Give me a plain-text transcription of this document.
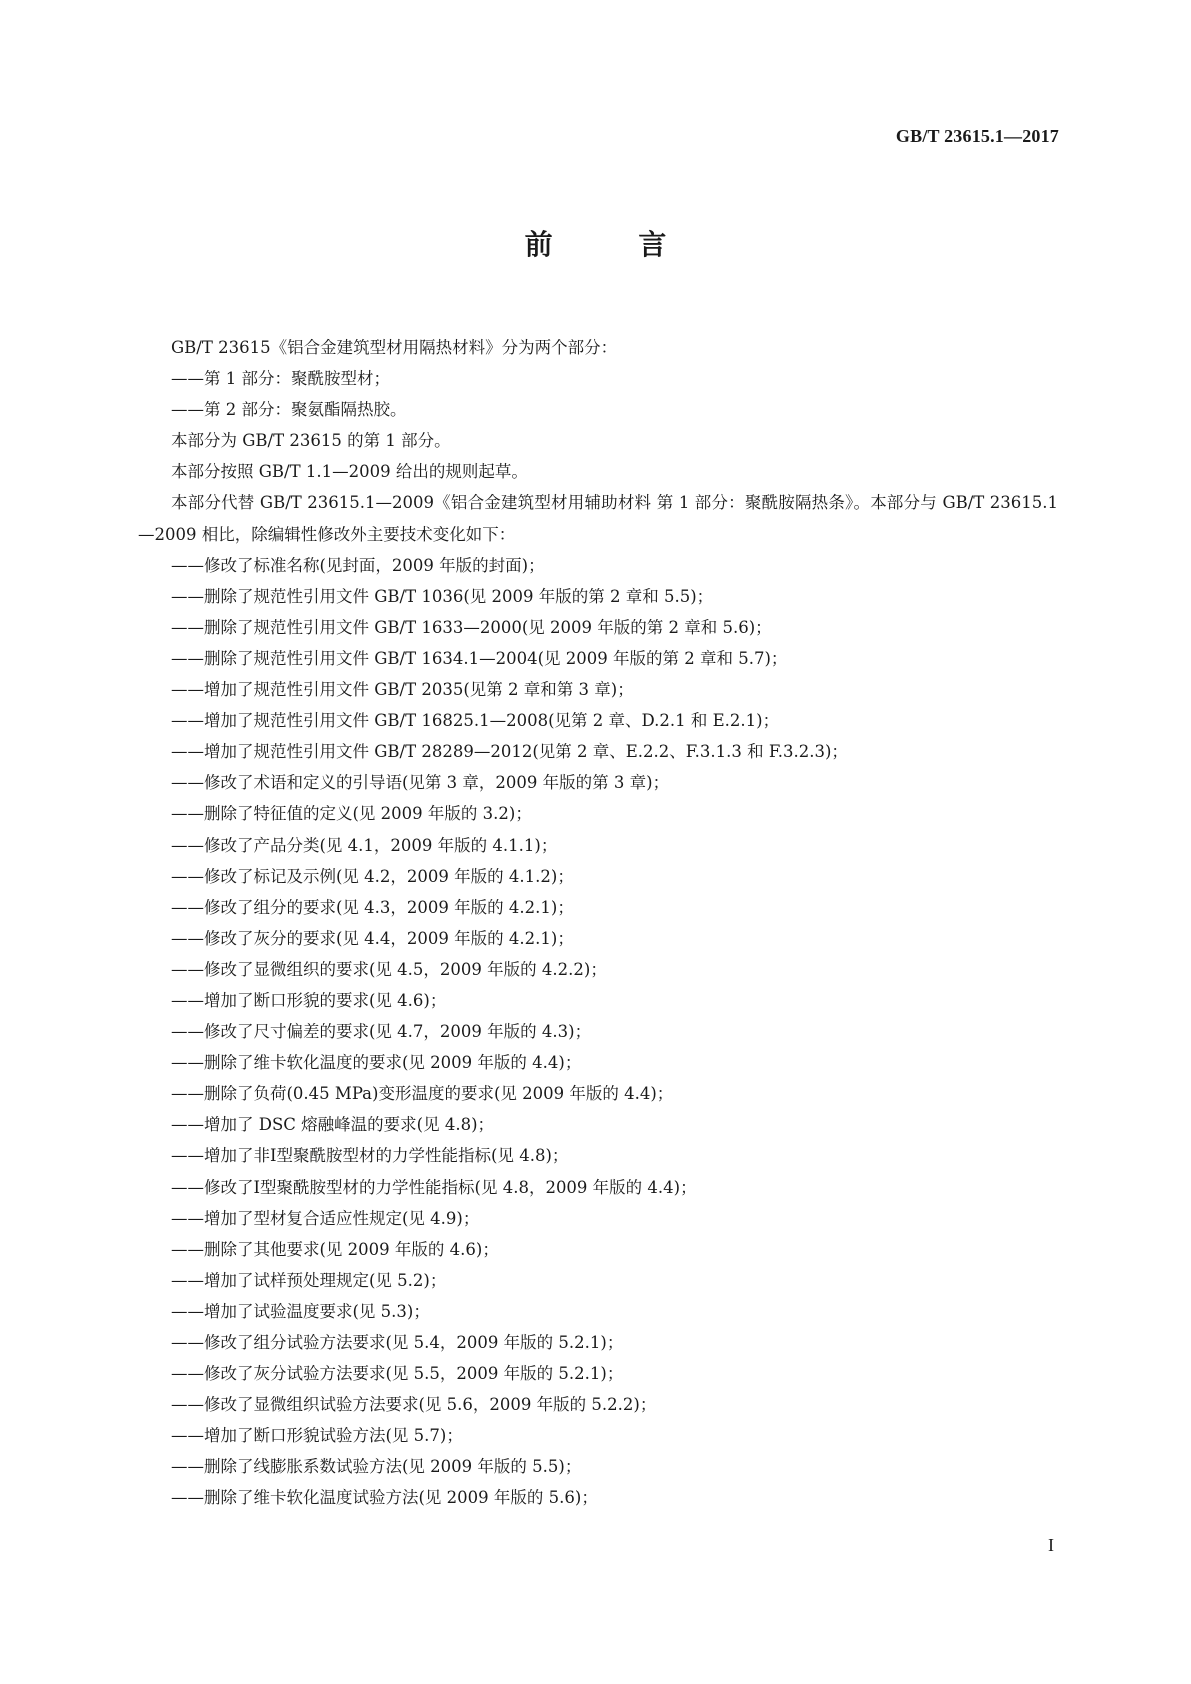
GB/T 23615.1—2017
前 言

GB/T 23615《铝合金建筑型材用隔热材料》分为两个部分：

——第 1 部分：聚酰胺型材；

——第 2 部分：聚氨酯隔热胶。

本部分为 GB/T 23615 的第 1 部分。

本部分按照 GB/T 1.1—2009 给出的规则起草。

本部分代替 GB/T 23615.1—2009《铝合金建筑型材用辅助材料 第 1 部分：聚酰胺隔热条》。本部分与 GB/T 23615.1—2009 相比，除编辑性修改外主要技术变化如下：

——修改了标准名称(见封面，2009 年版的封面)；

——删除了规范性引用文件 GB/T 1036(见 2009 年版的第 2 章和 5.5)；

——删除了规范性引用文件 GB/T 1633—2000(见 2009 年版的第 2 章和 5.6)；

——删除了规范性引用文件 GB/T 1634.1—2004(见 2009 年版的第 2 章和 5.7)；

——增加了规范性引用文件 GB/T 2035(见第 2 章和第 3 章)；

——增加了规范性引用文件 GB/T 16825.1—2008(见第 2 章、D.2.1 和 E.2.1)；

——增加了规范性引用文件 GB/T 28289—2012(见第 2 章、E.2.2、F.3.1.3 和 F.3.2.3)；

——修改了术语和定义的引导语(见第 3 章，2009 年版的第 3 章)；

——删除了特征值的定义(见 2009 年版的 3.2)；

——修改了产品分类(见 4.1，2009 年版的 4.1.1)；

——修改了标记及示例(见 4.2，2009 年版的 4.1.2)；

——修改了组分的要求(见 4.3，2009 年版的 4.2.1)；

——修改了灰分的要求(见 4.4，2009 年版的 4.2.1)；

——修改了显微组织的要求(见 4.5，2009 年版的 4.2.2)；

——增加了断口形貌的要求(见 4.6)；

——修改了尺寸偏差的要求(见 4.7，2009 年版的 4.3)；

——删除了维卡软化温度的要求(见 2009 年版的 4.4)；

——删除了负荷(0.45 MPa)变形温度的要求(见 2009 年版的 4.4)；

——增加了 DSC 熔融峰温的要求(见 4.8)；

——增加了非Ⅰ型聚酰胺型材的力学性能指标(见 4.8)；

——修改了Ⅰ型聚酰胺型材的力学性能指标(见 4.8，2009 年版的 4.4)；

——增加了型材复合适应性规定(见 4.9)；

——删除了其他要求(见 2009 年版的 4.6)；

——增加了试样预处理规定(见 5.2)；

——增加了试验温度要求(见 5.3)；

——修改了组分试验方法要求(见 5.4，2009 年版的 5.2.1)；

——修改了灰分试验方法要求(见 5.5，2009 年版的 5.2.1)；

——修改了显微组织试验方法要求(见 5.6，2009 年版的 5.2.2)；

——增加了断口形貌试验方法(见 5.7)；

——删除了线膨胀系数试验方法(见 2009 年版的 5.5)；

——删除了维卡软化温度试验方法(见 2009 年版的 5.6)；

I
